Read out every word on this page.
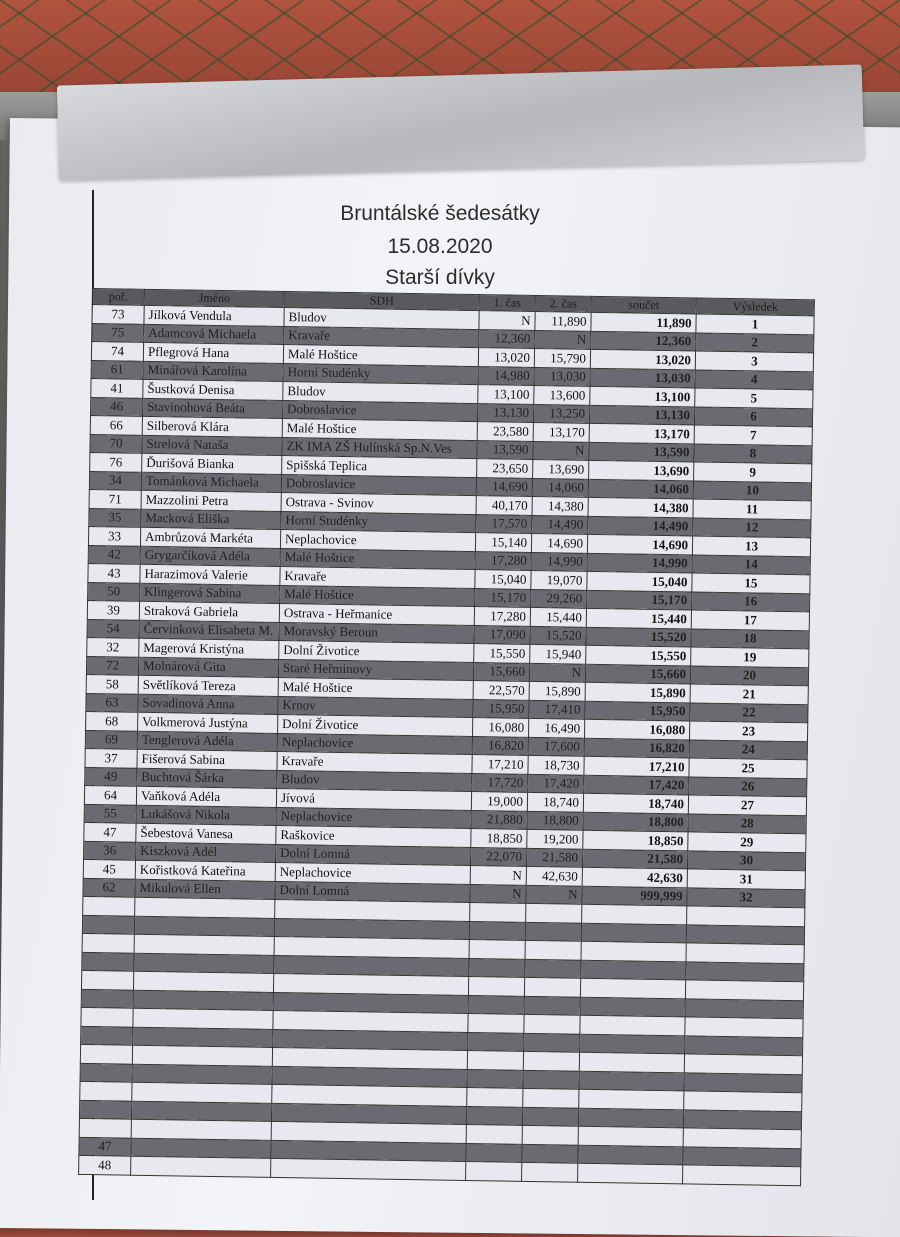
Bruntálské šedesátky
15.08.2020
Starší dívky
poř.	Jméno	SDH	1. čas	2. čas	součet	Výsledek
73	Jílková Vendula	Bludov	N	11,890	11,890	1
75	Adamcová Michaela	Kravaře	12,360	N	12,360	2
74	Pflegrová Hana	Malé Hoštice	13,020	15,790	13,020	3
61	Minářová Karolína	Horní Studénky	14,980	13,030	13,030	4
41	Šustková Denisa	Bludov	13,100	13,600	13,100	5
46	Stavinohová Beáta	Dobroslavice	13,130	13,250	13,130	6
66	Silberová Klára	Malé Hoštice	23,580	13,170	13,170	7
70	Strelová Nataša	ZK IMA ZŠ Hulínská Sp.N.Ves	13,590	N	13,590	8
76	Ďurišová Bianka	Spišská Teplica	23,650	13,690	13,690	9
34	Tománková Michaela	Dobroslavice	14,690	14,060	14,060	10
71	Mazzolini Petra	Ostrava - Svinov	40,170	14,380	14,380	11
35	Macková Eliška	Horní Studénky	17,570	14,490	14,490	12
33	Ambrůzová Markéta	Neplachovice	15,140	14,690	14,690	13
42	Grygarčíková Adéla	Malé Hoštice	17,280	14,990	14,990	14
43	Harazimová Valerie	Kravaře	15,040	19,070	15,040	15
50	Klingerová Sabina	Malé Hoštice	15,170	29,260	15,170	16
39	Straková Gabriela	Ostrava - Heřmanice	17,280	15,440	15,440	17
54	Červinková Elisabeta M.	Moravský Beroun	17,090	15,520	15,520	18
32	Magerová Kristýna	Dolní Životice	15,550	15,940	15,550	19
72	Molnárová Gita	Staré Heřminovy	15,660	N	15,660	20
58	Světlíková Tereza	Malé Hoštice	22,570	15,890	15,890	21
63	Sovadinová Anna	Krnov	15,950	17,410	15,950	22
68	Volkmerová Justýna	Dolní Životice	16,080	16,490	16,080	23
69	Tenglerová Adéla	Neplachovice	16,820	17,600	16,820	24
37	Fišerová Sabina	Kravaře	17,210	18,730	17,210	25
49	Buchtová Šárka	Bludov	17,720	17,420	17,420	26
64	Vaňková Adéla	Jívová	19,000	18,740	18,740	27
55	Lukášová Nikola	Neplachovice	21,880	18,800	18,800	28
47	Šebestová Vanesa	Raškovice	18,850	19,200	18,850	29
36	Kiszková Adél	Dolní Lomná	22,070	21,580	21,580	30
45	Kořistková Kateřina	Neplachovice	N	42,630	42,630	31
62	Mikulová Ellen	Dolní Lomná	N	N	999,999	32

47						
48						
